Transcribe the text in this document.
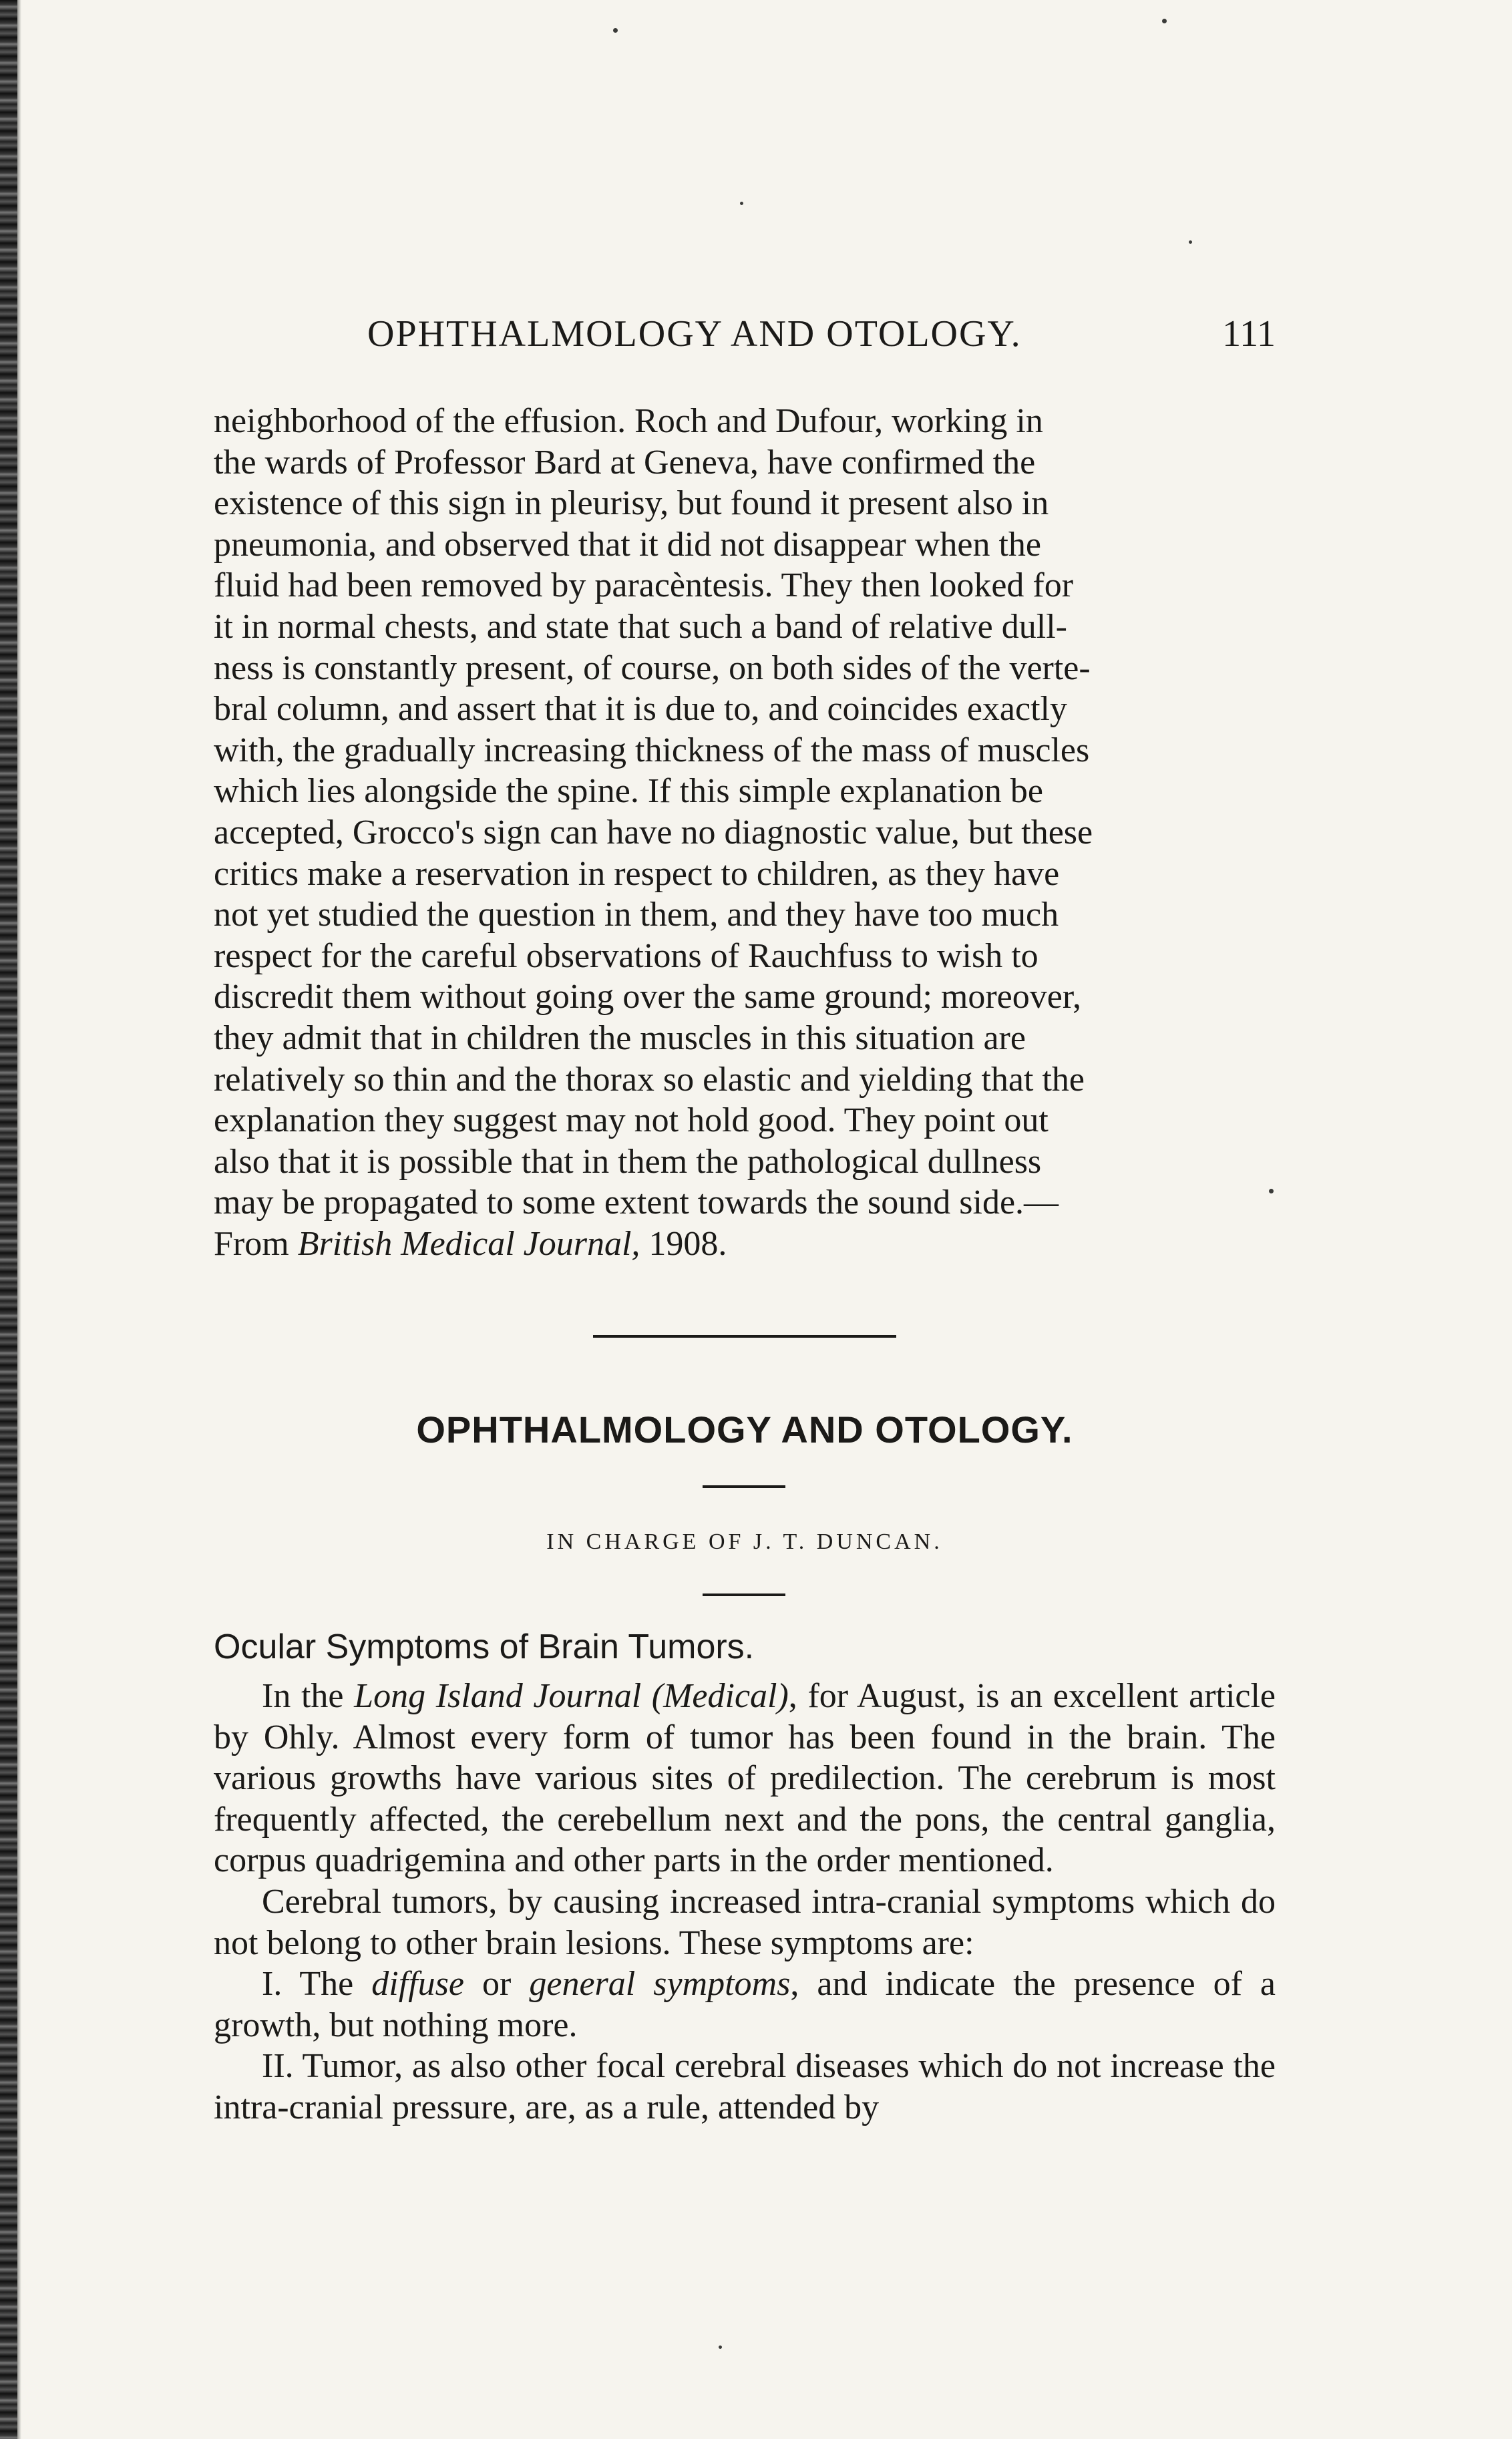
OPHTHALMOLOGY AND OTOLOGY.	111

neighborhood of the effusion. Roch and Dufour, working in
the wards of Professor Bard at Geneva, have confirmed the
existence of this sign in pleurisy, but found it present also in
pneumonia, and observed that it did not disappear when the
fluid had been removed by paracèntesis. They then looked for
it in normal chests, and state that such a band of relative dull-
ness is constantly present, of course, on both sides of the verte-
bral column, and assert that it is due to, and coincides exactly
with, the gradually increasing thickness of the mass of muscles
which lies alongside the spine. If this simple explanation be
accepted, Grocco's sign can have no diagnostic value, but these
critics make a reservation in respect to children, as they have
not yet studied the question in them, and they have too much
respect for the careful observations of Rauchfuss to wish to
discredit them without going over the same ground; moreover,
they admit that in children the muscles in this situation are
relatively so thin and the thorax so elastic and yielding that the
explanation they suggest may not hold good. They point out
also that it is possible that in them the pathological dullness
may be propagated to some extent towards the sound side.—
From British Medical Journal, 1908.

OPHTHALMOLOGY AND OTOLOGY.
IN CHARGE OF J. T. DUNCAN.
Ocular Symptoms of Brain Tumors.

In the Long Island Journal (Medical), for August, is an excellent article by Ohly. Almost every form of tumor has been found in the brain. The various growths have various sites of predilection. The cerebrum is most frequently affected, the cerebellum next and the pons, the central ganglia, corpus quadrigemina and other parts in the order mentioned.

Cerebral tumors, by causing increased intra-cranial symptoms which do not belong to other brain lesions. These symptoms are:

I. The diffuse or general symptoms, and indicate the presence of a growth, but nothing more.

II. Tumor, as also other focal cerebral diseases which do not increase the intra-cranial pressure, are, as a rule, attended by
